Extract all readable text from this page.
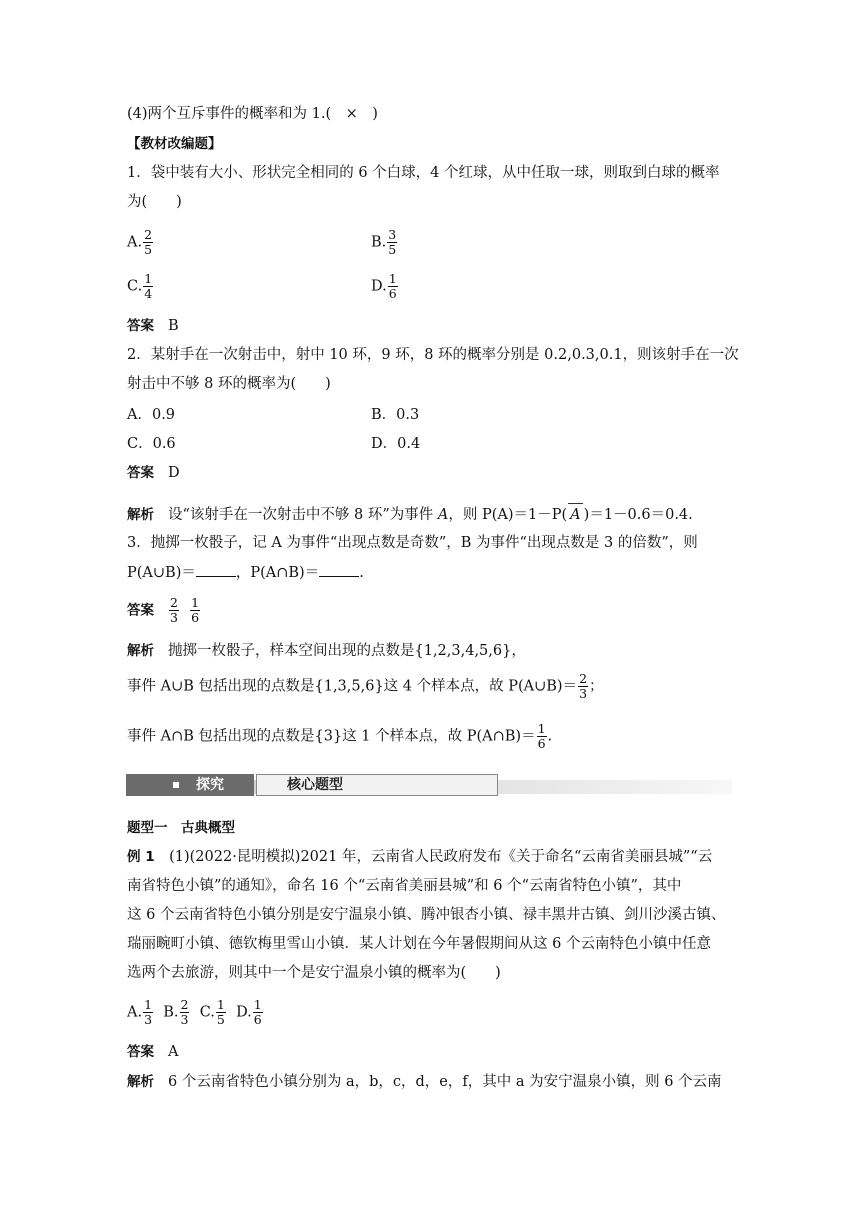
(4)两个互斥事件的概率和为 1.(　×　)
【教材改编题】
1．袋中装有大小、形状完全相同的 6 个白球，4 个红球，从中任取一球，则取到白球的概率
为(　　)
A. $\frac{2}{5}$	B. $\frac{3}{5}$
C. $\frac{1}{4}$	D. $\frac{1}{6}$
答案 B
2．某射手在一次射击中，射中 10 环，9 环，8 环的概率分别是 0.2,0.3,0.1，则该射手在一次
射击中不够 8 环的概率为(　　)
A．0.9	B．0.3
C．0.6	D．0.4
答案 D
解析 设“该射手在一次射击中不够 8 环”为事件 A，则 P(A)＝1－P( A )＝1－0.6＝0.4.
3．抛掷一枚骰子，记 A 为事件“出现点数是奇数”，B 为事件“出现点数是 3 的倍数”，则
P(A∪B)＝	，P(A∩B)＝	.
答案 $\frac{2}{3}$
$\frac{1}{6}$
解析 抛掷一枚骰子，样本空间出现的点数是{1,2,3,4,5,6}，
事件 A∪B 包括出现的点数是{1,3,5,6}这 4 个样本点，故 P(A∪B)＝ $\frac{2}{3}$ ；
事件 A∩B 包括出现的点数是{3}这 1 个样本点，故 P(A∩B)＝ $\frac{1}{6}$ .
探究	核心题型
题型一　古典概型
例 1　(1)(2022·昆明模拟)2021 年，云南省人民政府发布《关于命名“云南省美丽县城”“云
南省特色小镇”的通知》，命名 16 个“云南省美丽县城”和 6 个“云南省特色小镇”，其中
这 6 个云南省特色小镇分别是安宁温泉小镇、腾冲银杏小镇、禄丰黑井古镇、剑川沙溪古镇、
瑞丽畹町小镇、德钦梅里雪山小镇．某人计划在今年暑假期间从这 6 个云南特色小镇中任意
选两个去旅游，则其中一个是安宁温泉小镇的概率为(　　)
A. $\frac{1}{3} B$. $\frac{2}{3} C$. $\frac{1}{5} D$. $\frac{1}{6}$
答案 A
解析 6 个云南省特色小镇分别为 a，b，c，d，e，f，其中 a 为安宁温泉小镇，则 6 个云南
